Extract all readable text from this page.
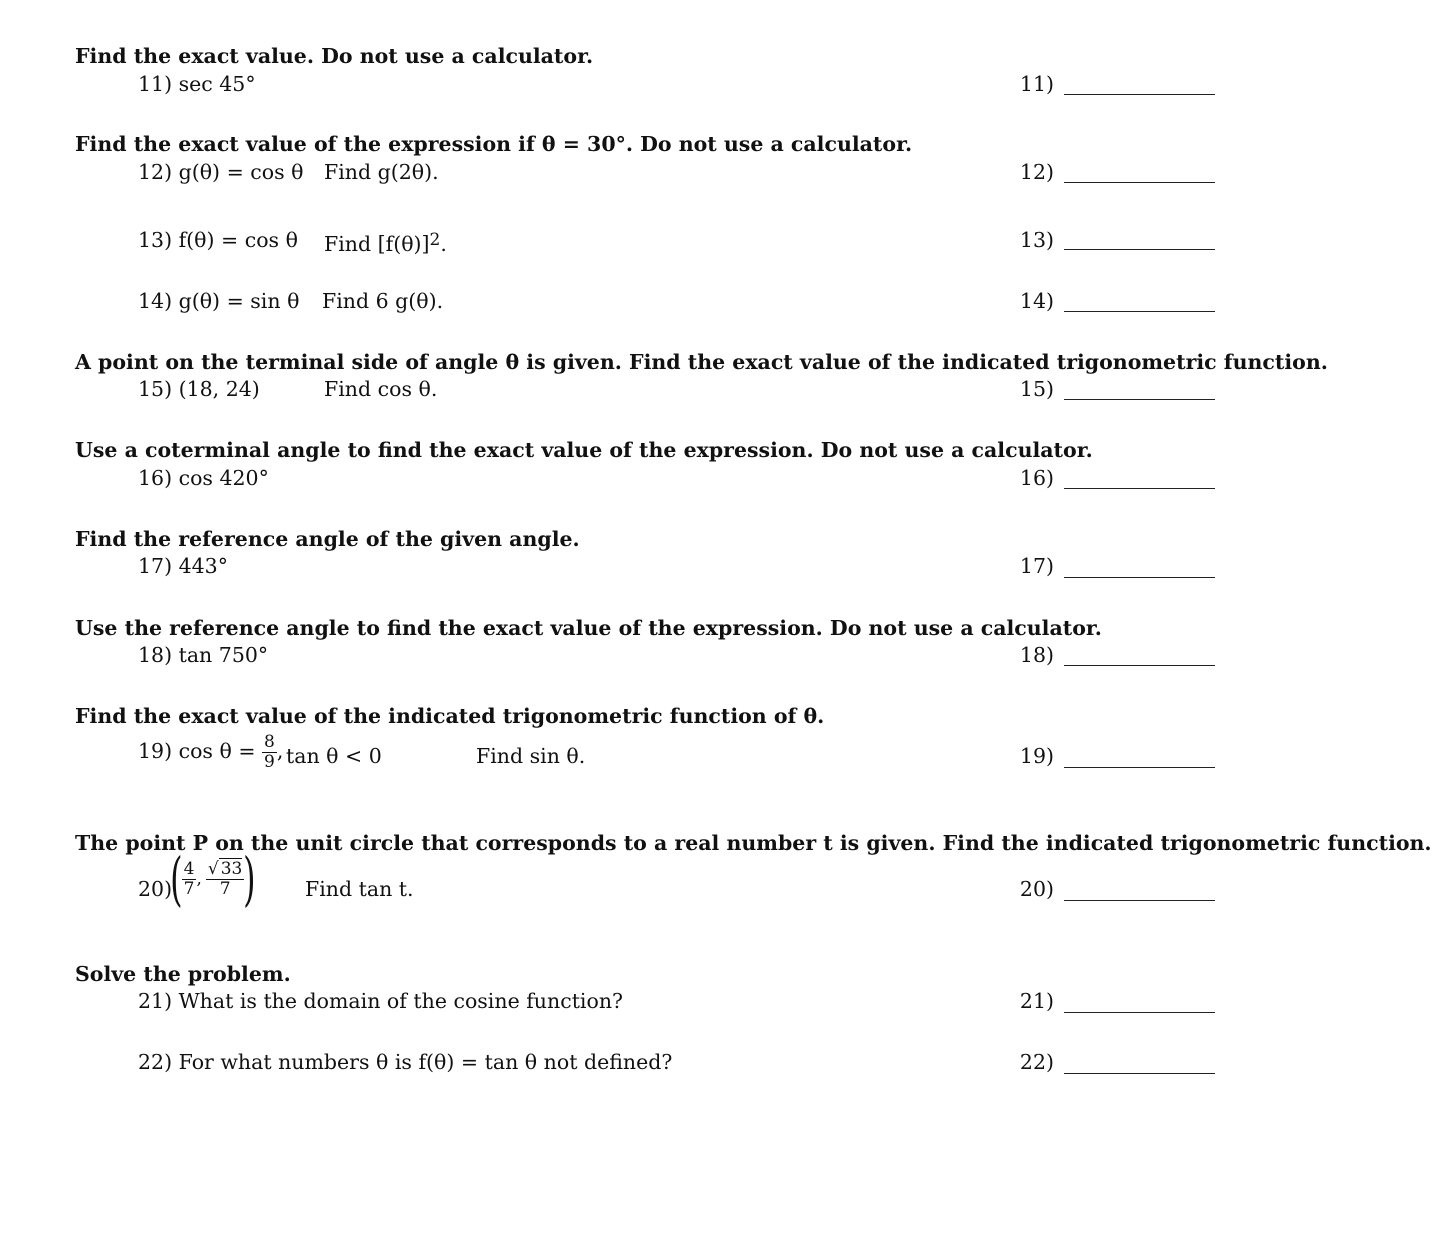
Find the exact value. Do not use a calculator.
11) sec 45°	11)
Find the exact value of the expression if θ = 30°. Do not use a calculator.
12) g(θ) = cos θ Find g(2θ).	12)
13) f(θ) = cos θ Find $[f(\theta)]^2$.	13)
14) g(θ) = sin θ Find 6 g(θ).	14)
A point on the terminal side of angle θ is given. Find the exact value of the indicated trigonometric function.
15) (18, 24)	Find cos θ.	15)
Use a coterminal angle to find the exact value of the expression. Do not use a calculator.
16) cos 420°	16)
Find the reference angle of the given angle.
17) 443°	17)
Use the reference angle to find the exact value of the expression. Do not use a calculator.
18) tan 750°	18)
Find the exact value of the indicated trigonometric function of θ.
19) $\cos \theta = \frac{8}{9}$ , tan θ < 0	Find sin θ.	19)
The point P on the unit circle that corresponds to a real number t is given. Find the indicated trigonometric function.
20)
( $\frac{4}{7}$ , $\frac{√ 33}{7}$ ) Find tan t.	20)
Solve the problem.
21) What is the domain of the cosine function?	21)
22) For what numbers θ is f(θ) = tan θ not defined?	22)
